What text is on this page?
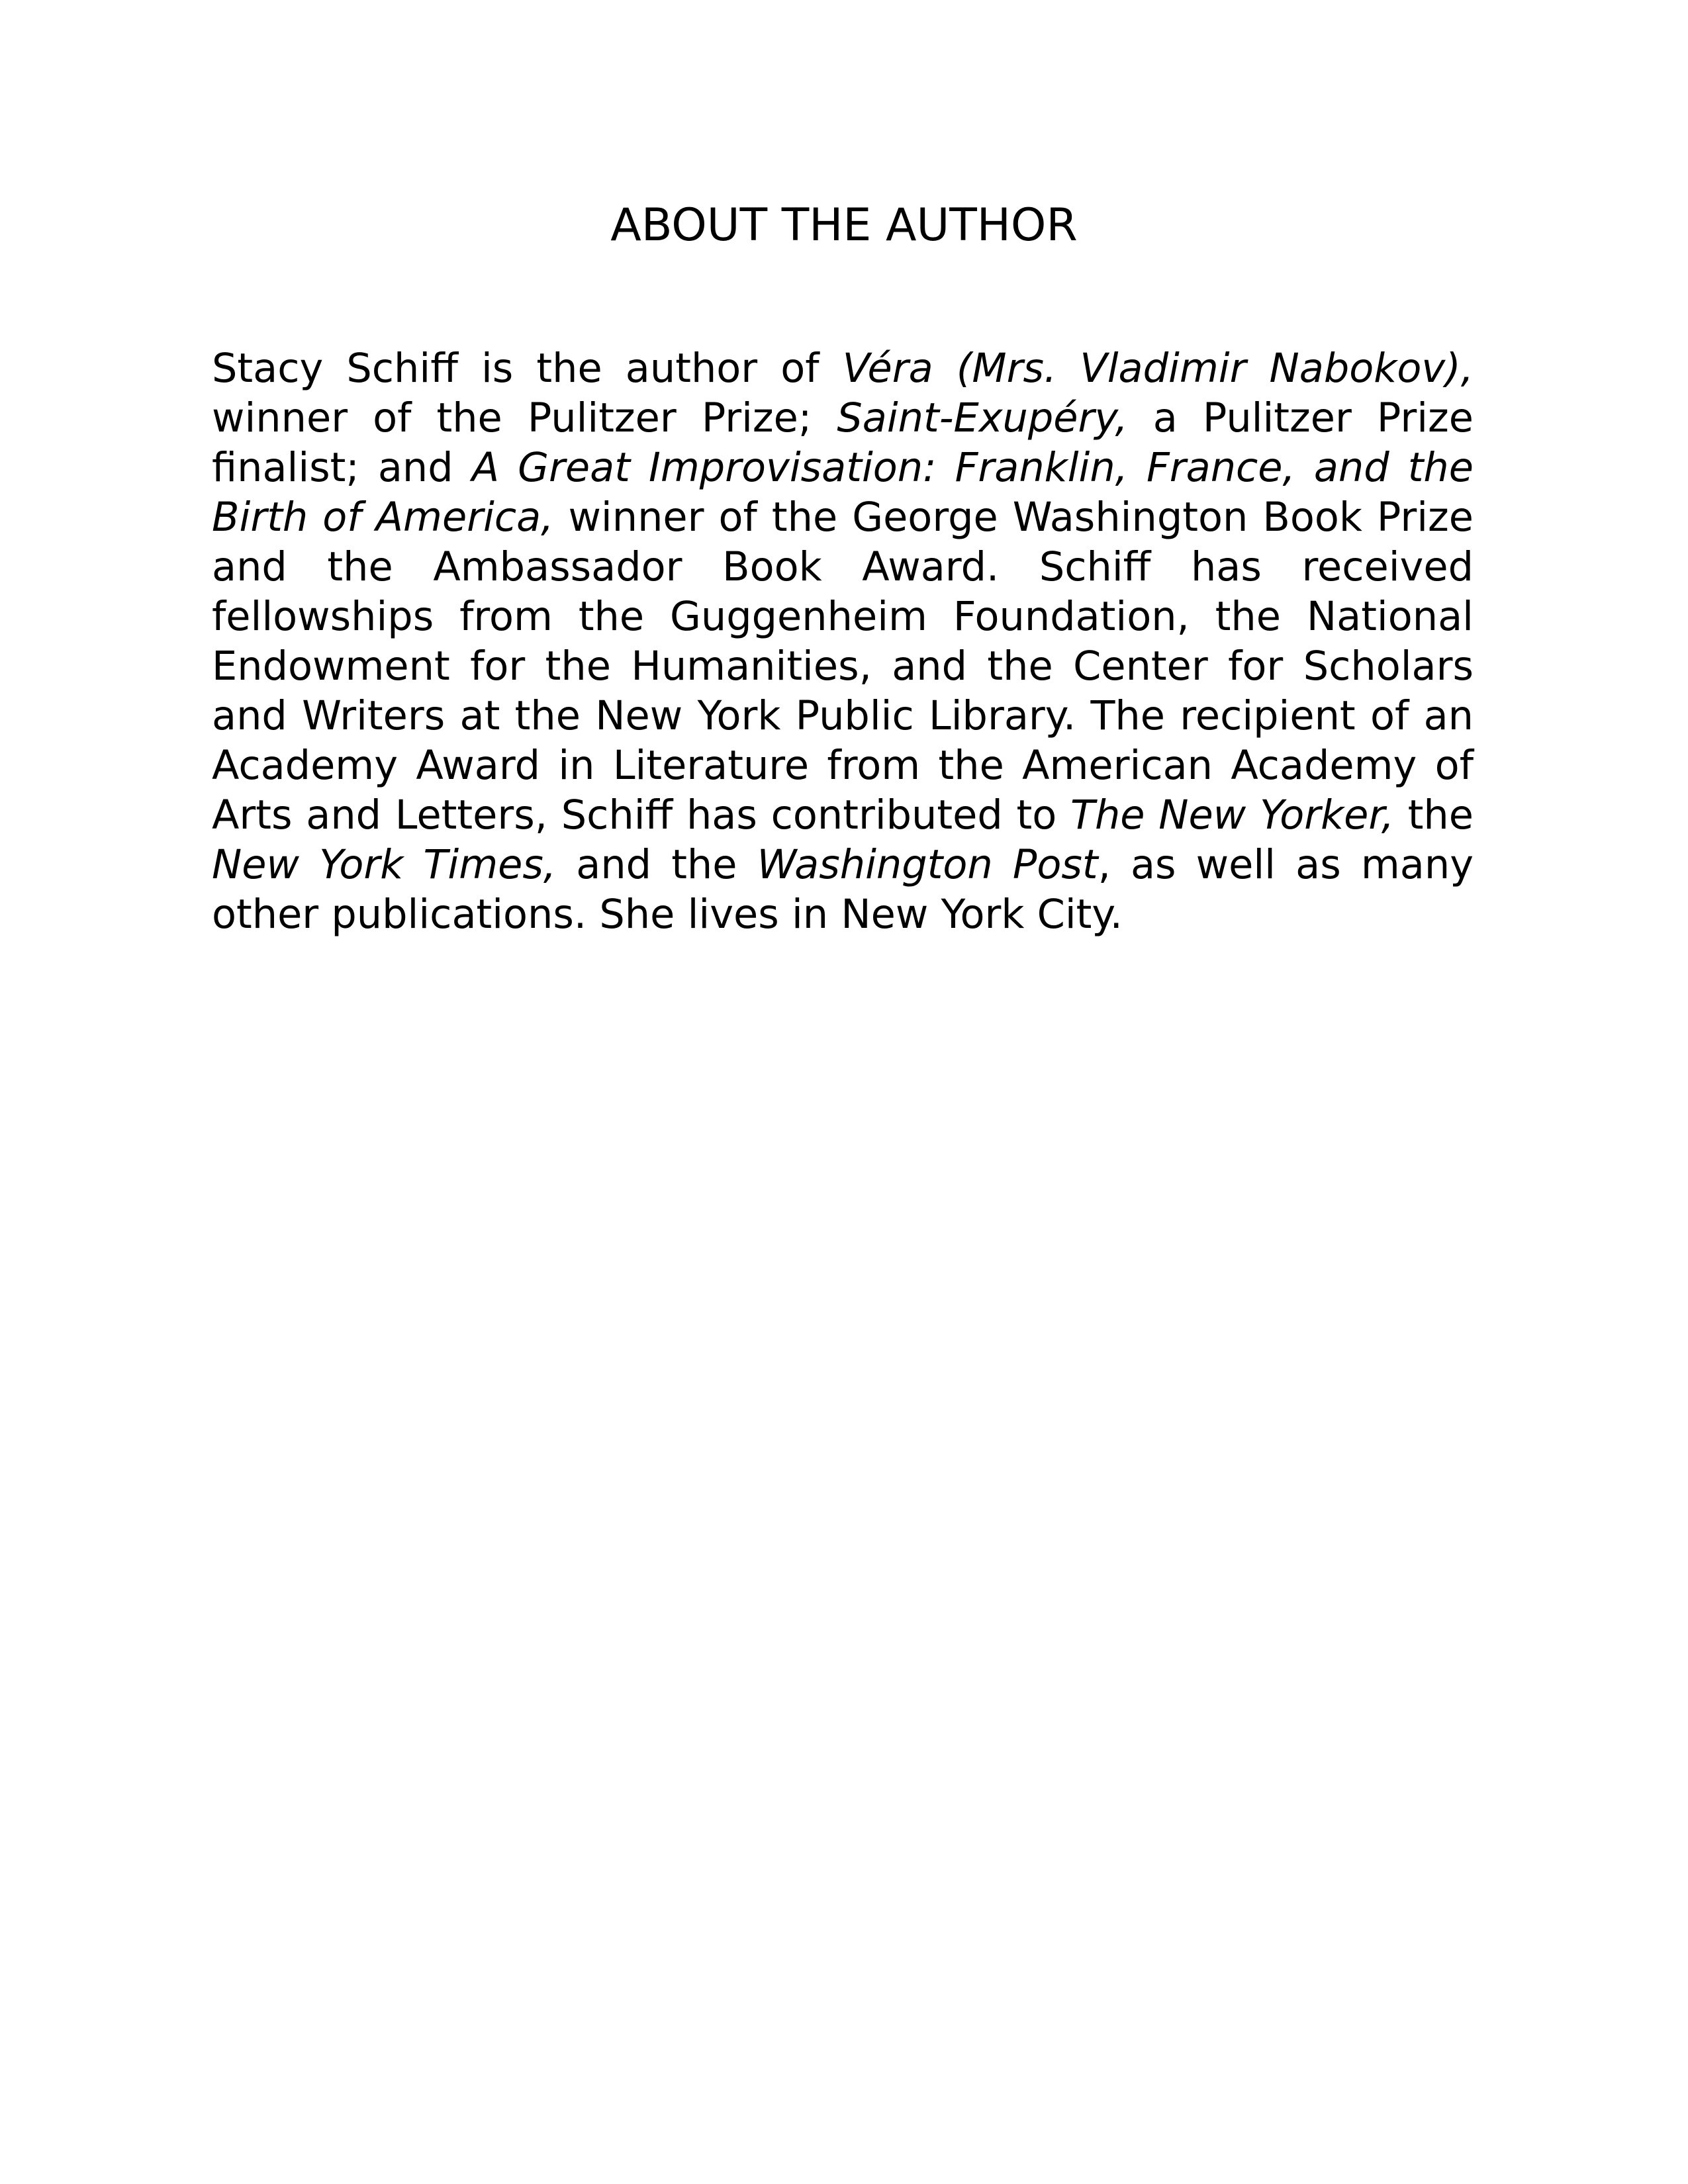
ABOUT THE AUTHOR

Stacy Schiff is the author of Véra (Mrs. Vladimir Nabokov), winner of the Pulitzer Prize; Saint-Exupéry, a Pulitzer Prize finalist; and A Great Improvisation: Franklin, France, and the Birth of America, winner of the George Washington Book Prize and the Ambassador Book Award. Schiff has received fellowships from the Guggenheim Foundation, the National Endowment for the Humanities, and the Center for Scholars and Writers at the New York Public Library. The recipient of an Academy Award in Literature from the American Academy of Arts and Letters, Schiff has contributed to The New Yorker, the New York Times, and the Washington Post, as well as many other publications. She lives in New York City.
